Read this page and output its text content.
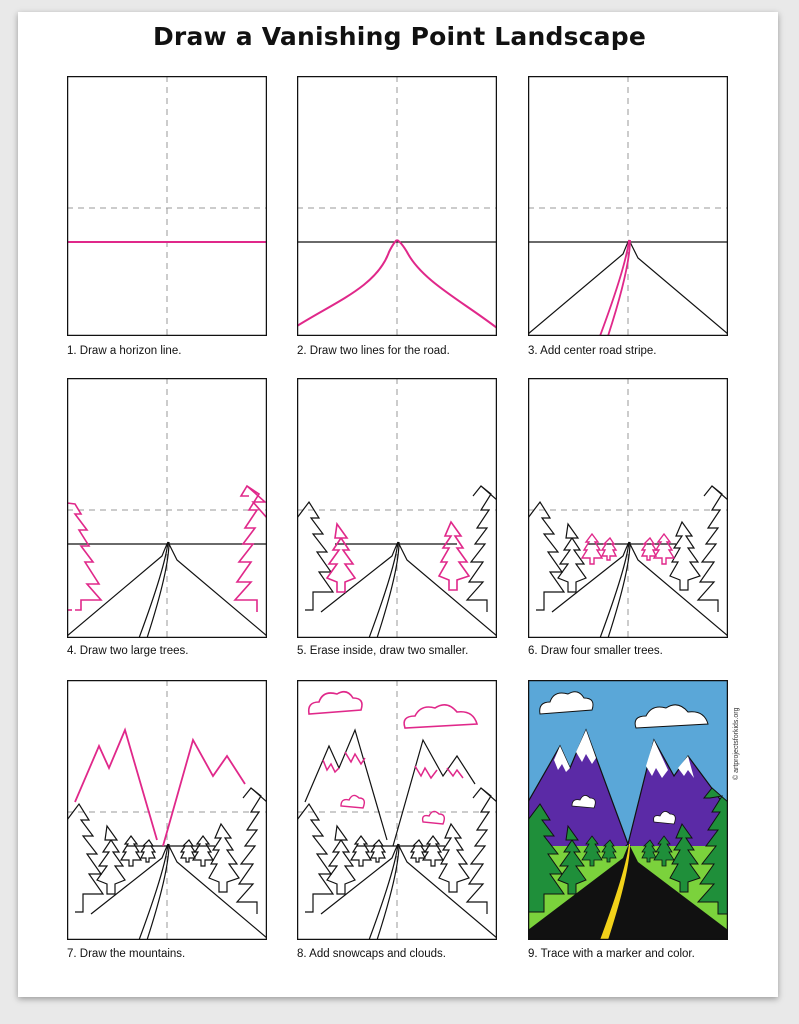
Draw a Vanishing Point Landscape
1. Draw a horizon line.	2. Draw two lines for the road.	3. Add center road stripe.
4. Draw two large trees.	5. Erase inside, draw two smaller.	6. Draw four smaller trees.
7. Draw the mountains.	8. Add snowcaps and clouds.	9. Trace with a marker and color.
© artprojectsforkids.org
